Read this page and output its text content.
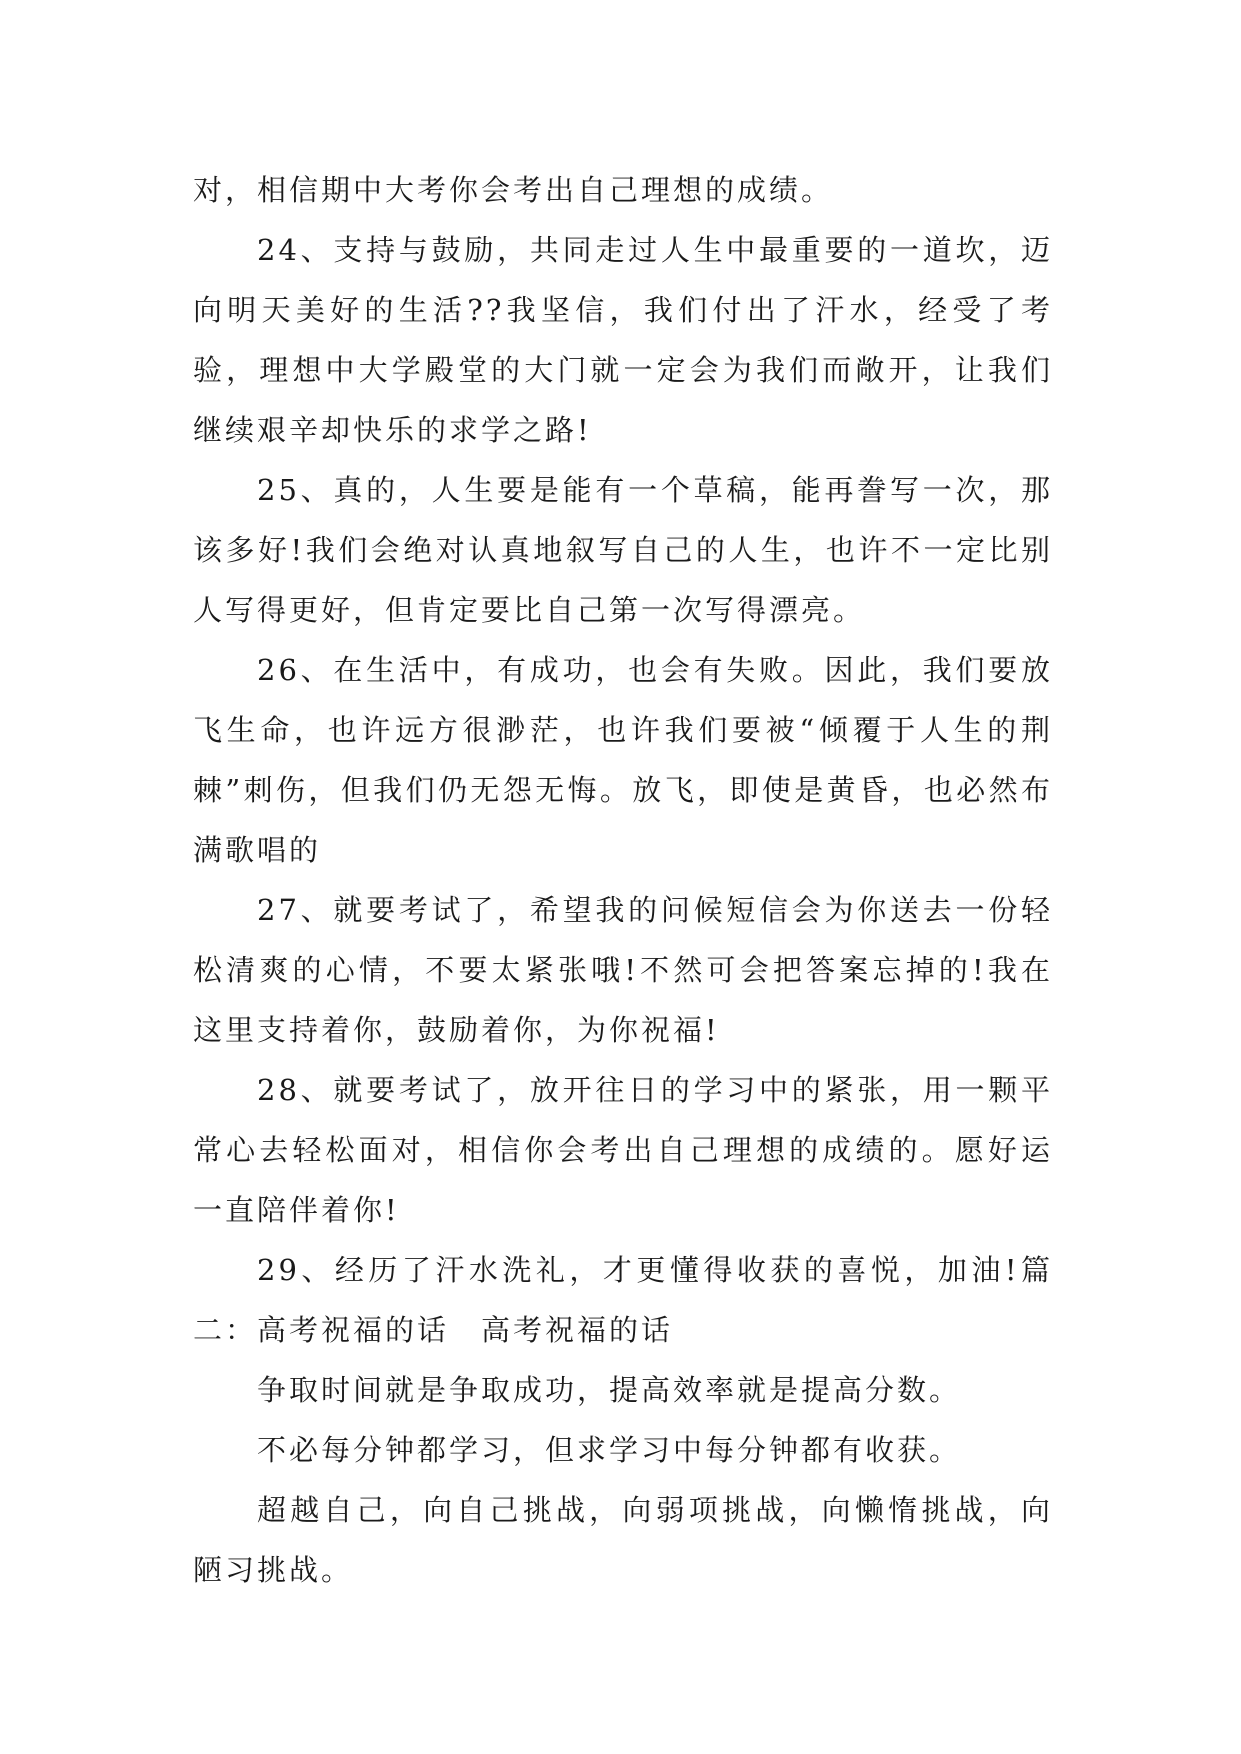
对，相信期中大考你会考出自己理想的成绩。

24、支持与鼓励，共同走过人生中最重要的一道坎，迈向明天美好的生活??我坚信，我们付出了汗水，经受了考验，理想中大学殿堂的大门就一定会为我们而敞开，让我们继续艰辛却快乐的求学之路!

25、真的，人生要是能有一个草稿，能再誊写一次，那该多好!我们会绝对认真地叙写自己的人生，也许不一定比别人写得更好，但肯定要比自己第一次写得漂亮。

26、在生活中，有成功，也会有失败。因此，我们要放飞生命，也许远方很渺茫，也许我们要被“倾覆于人生的荆棘”刺伤，但我们仍无怨无悔。放飞，即使是黄昏，也必然布满歌唱的

27、就要考试了，希望我的问候短信会为你送去一份轻松清爽的心情，不要太紧张哦!不然可会把答案忘掉的!我在这里支持着你，鼓励着你，为你祝福!

28、就要考试了，放开往日的学习中的紧张，用一颗平常心去轻松面对，相信你会考出自己理想的成绩的。愿好运一直陪伴着你!

29、经历了汗水洗礼，才更懂得收获的喜悦，加油!篇二：高考祝福的话　高考祝福的话

争取时间就是争取成功，提高效率就是提高分数。

不必每分钟都学习，但求学习中每分钟都有收获。

超越自己，向自己挑战，向弱项挑战，向懒惰挑战，向陋习挑战。
